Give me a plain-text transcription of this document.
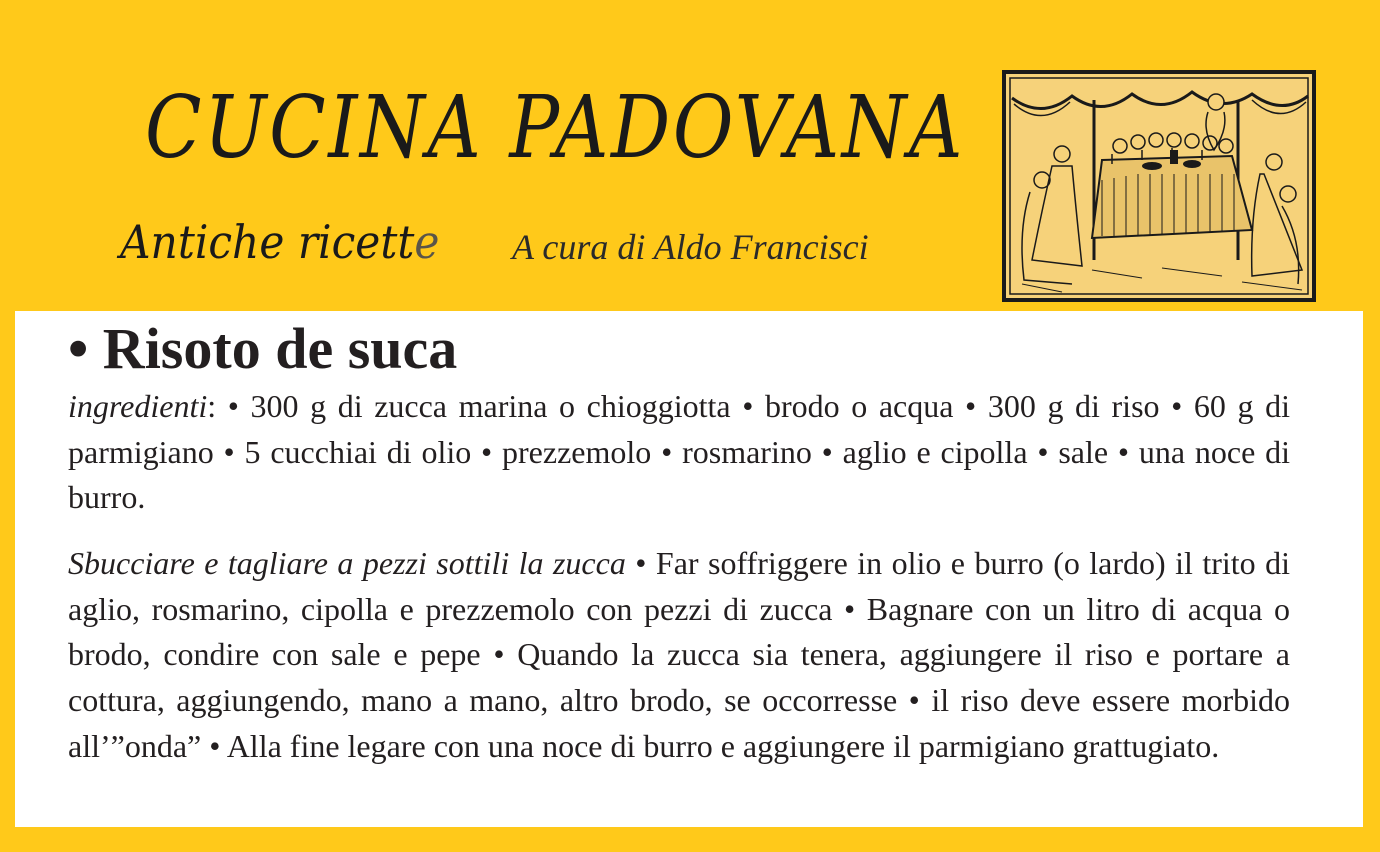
CUCINA PADOVANA
Antiche ricette A cura di Aldo Francisci
• Risoto de suca
ingredienti: • 300 g di zucca marina o chioggiotta • brodo o acqua • 300 g di riso • 60 g di parmigiano • 5 cucchiai di olio • prezzemolo • rosmarino • aglio e cipolla • sale • una noce di burro.
Sbucciare e tagliare a pezzi sottili la zucca • Far soffriggere in olio e burro (o lardo) il trito di aglio, rosmarino, cipolla e prezzemolo con pezzi di zucca • Bagnare con un litro di acqua o brodo, condire con sale e pepe • Quando la zucca sia tenera, aggiungere il riso e portare a cottura, aggiungendo, mano a mano, altro brodo, se occorresse • il riso deve essere morbido all’”onda” • Alla fine legare con una noce di burro e aggiungere il parmigiano grattugiato.
